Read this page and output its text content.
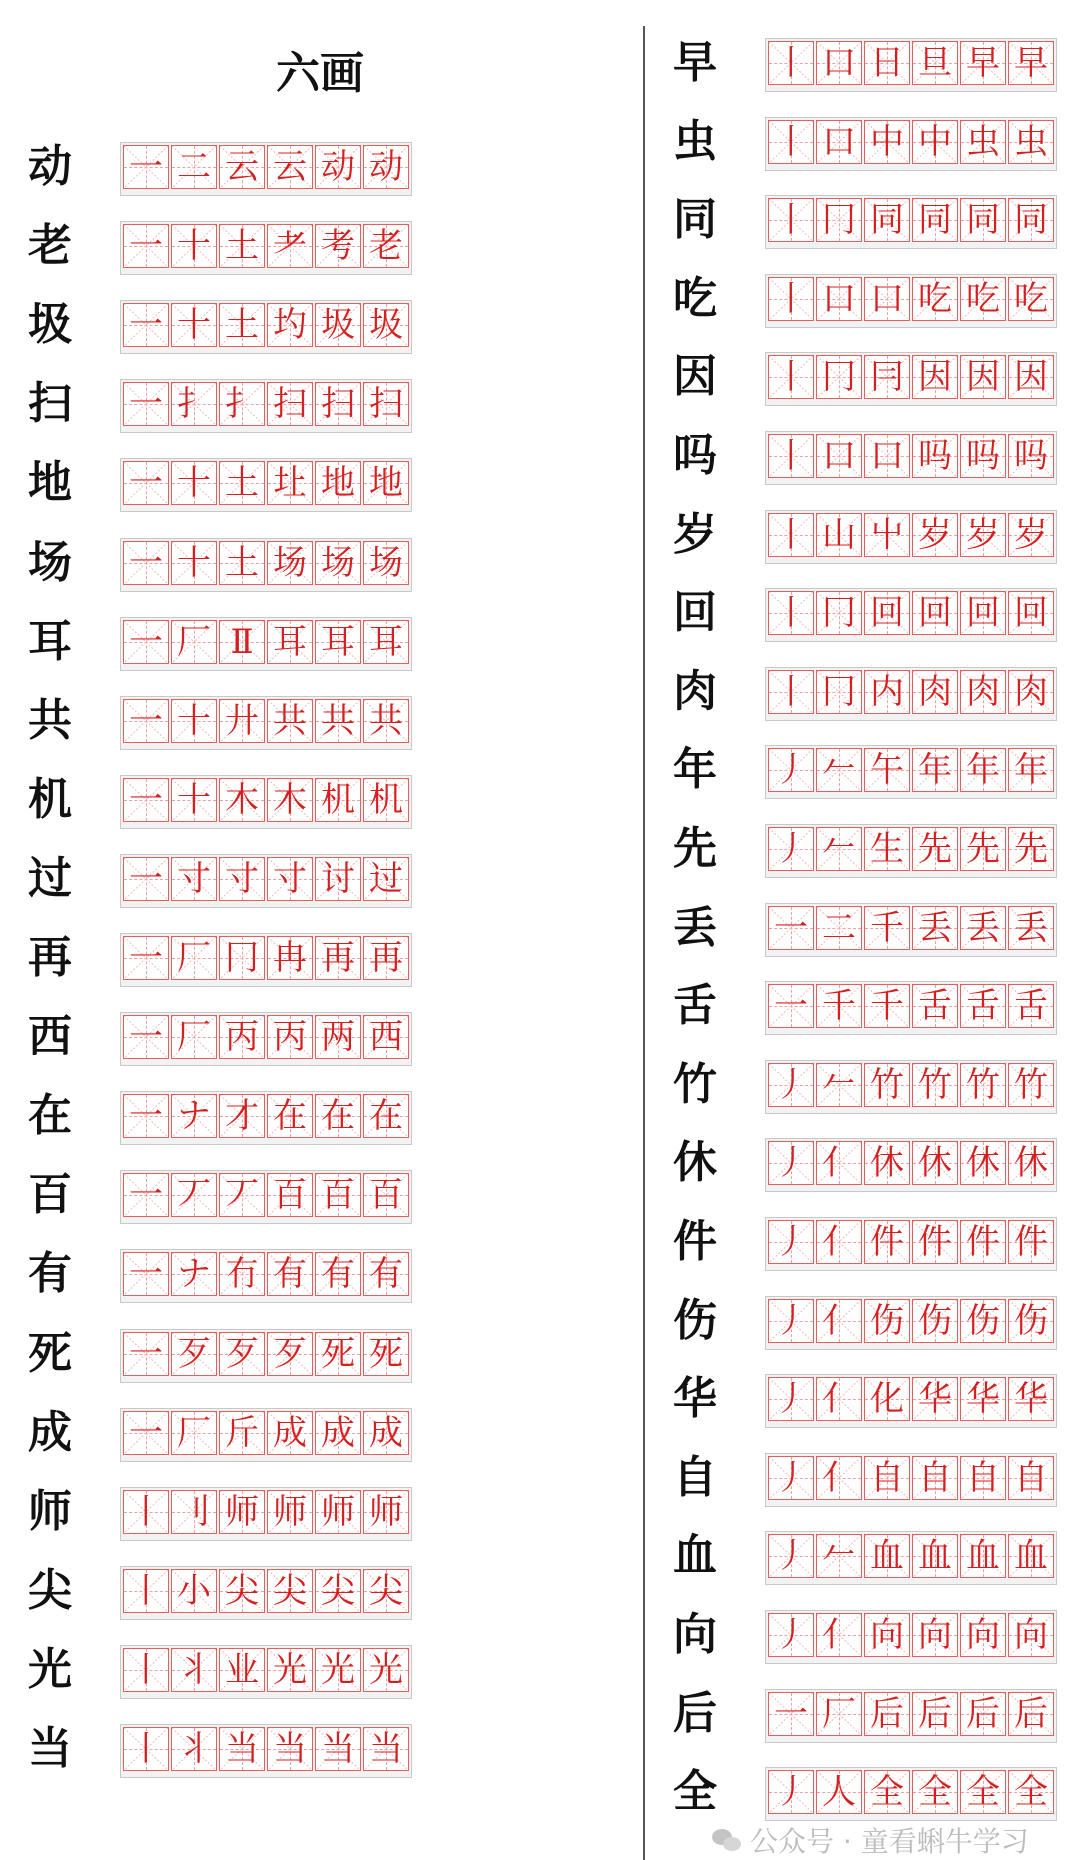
六画
动 一 二 云 云 动 动
老 一 十 土 耂 考 老
圾 一 十 土 圴 圾 圾
扫 一 扌 扌 扫 扫 扫
地 一 十 土 圵 地 地
场 一 十 土 场 场 场
耳 一 厂 Ⅱ 耳 耳 耳
共 一 十 廾 共 共 共
机 一 十 木 木 机 机
过 一 寸 寸 寸 讨 过
再 一 厂 冂 冉 再 再
西 一 厂 丙 丙 两 西
在 一 ナ 才 在 在 在
百 一 丆 丆 百 百 百
有 一 ナ 冇 有 有 有
死 一 歹 歹 歹 死 死
成 一 厂 斤 成 成 成
师 丨 刂 师 师 师 师
尖 丨 小 尖 尖 尖 尖
光 丨 丬 业 光 光 光
当 丨 丬 当 当 当 当
早 丨 口 日 旦 早 早
虫 丨 口 中 中 虫 虫
同 丨 冂 同 同 同 同
吃 丨 口 口 吃 吃 吃
因 丨 冂 冃 因 因 因
吗 丨 口 口 吗 吗 吗
岁 丨 山 屮 岁 岁 岁
回 丨 冂 回 回 回 回
肉 丨 冂 内 肉 肉 肉
年 丿 𠂉 午 年 年 年
先 丿 𠂉 生 先 先 先
丢 一 二 千 丢 丢 丢
舌 一 千 千 舌 舌 舌
竹 丿 𠂉 竹 竹 竹 竹
休 丿 亻 休 休 休 休
件 丿 亻 件 件 件 件
伤 丿 亻 伤 伤 伤 伤
华 丿 亻 化 华 华 华
自 丿 亻 自 自 自 自
血 丿 𠂉 血 血 血 血
向 丿 亻 向 向 向 向
后 一 厂 后 后 后 后
全 丿 人 全 全 全 全
公众号 · 童看蝌牛学习
